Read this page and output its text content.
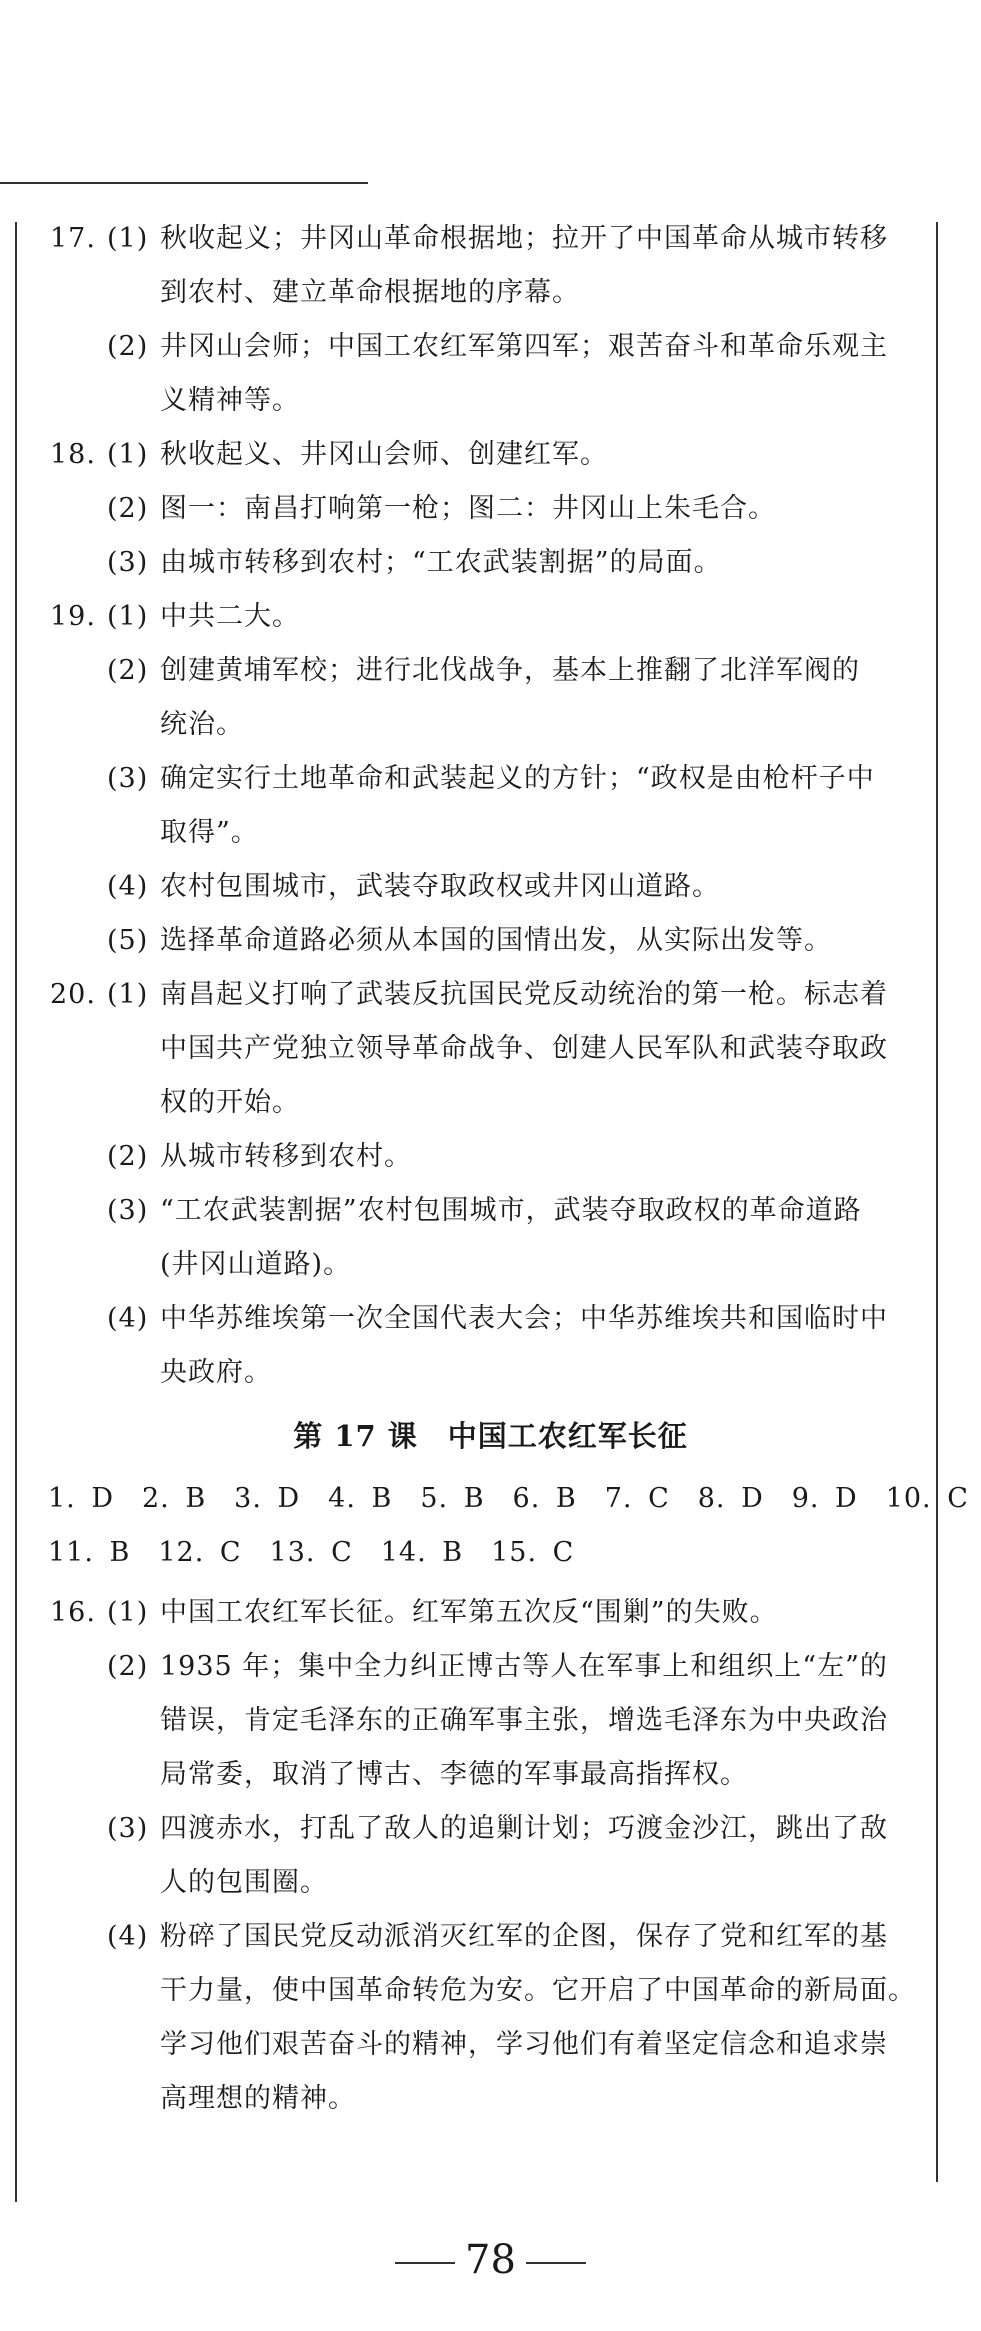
17. (1) 秋收起义；井冈山革命根据地；拉开了中国革命从城市转移
到农村、建立革命根据地的序幕。
(2) 井冈山会师；中国工农红军第四军；艰苦奋斗和革命乐观主
义精神等。
18. (1) 秋收起义、井冈山会师、创建红军。
(2) 图一：南昌打响第一枪；图二：井冈山上朱毛合。
(3) 由城市转移到农村；“工农武装割据”的局面。
19. (1) 中共二大。
(2) 创建黄埔军校；进行北伐战争，基本上推翻了北洋军阀的
统治。
(3) 确定实行土地革命和武装起义的方针；“政权是由枪杆子中
取得”。
(4) 农村包围城市，武装夺取政权或井冈山道路。
(5) 选择革命道路必须从本国的国情出发，从实际出发等。
20. (1) 南昌起义打响了武装反抗国民党反动统治的第一枪。标志着
中国共产党独立领导革命战争、创建人民军队和武装夺取政
权的开始。
(2) 从城市转移到农村。
(3) “工农武装割据”农村包围城市，武装夺取政权的革命道路
(井冈山道路)。
(4) 中华苏维埃第一次全国代表大会；中华苏维埃共和国临时中
央政府。
第 17 课　中国工农红军长征
1. D　2. B　3. D　4. B　5. B　6. B　7. C　8. D　9. D　10. C
11. B　12. C　13. C　14. B　15. C
16. (1) 中国工农红军长征。红军第五次反“围剿”的失败。
(2) 1935 年；集中全力纠正博古等人在军事上和组织上“左”的
错误，肯定毛泽东的正确军事主张，增选毛泽东为中央政治
局常委，取消了博古、李德的军事最高指挥权。
(3) 四渡赤水，打乱了敌人的追剿计划；巧渡金沙江，跳出了敌
人的包围圈。
(4) 粉碎了国民党反动派消灭红军的企图，保存了党和红军的基
干力量，使中国革命转危为安。它开启了中国革命的新局面。
学习他们艰苦奋斗的精神，学习他们有着坚定信念和追求崇
高理想的精神。
78
